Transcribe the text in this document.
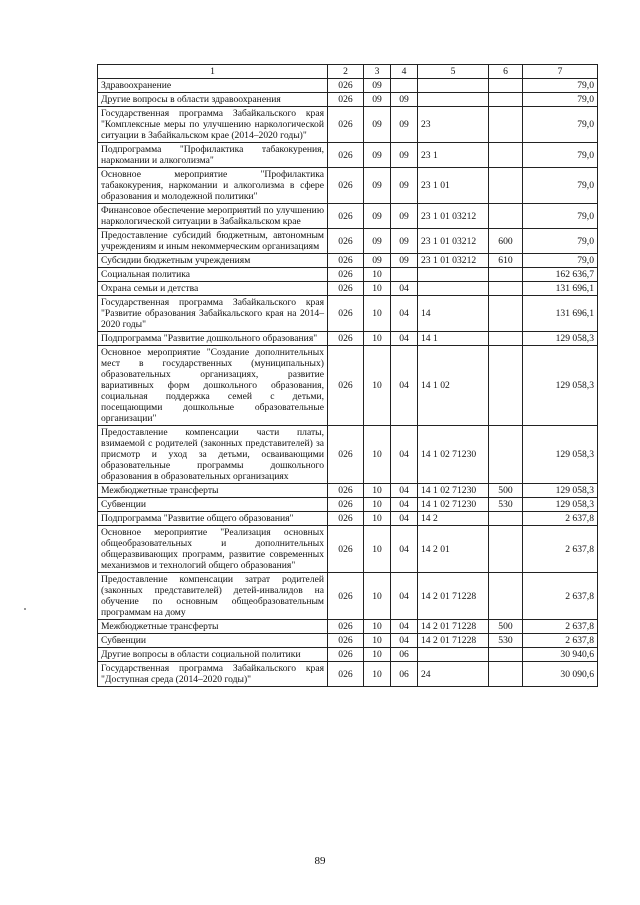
1	2	3	4	5	6	7
Здравоохранение	026	09				79,0
Другие вопросы в области здравоохранения	026	09	09			79,0
Государственная программа Забайкальского края "Комплексные меры по улучшению наркологической ситуации в Забайкальском крае (2014–2020 годы)"	026	09	09	23		79,0
Подпрограмма "Профилактика табакокурения, наркомании и алкоголизма"	026	09	09	23 1		79,0
Основное мероприятие "Профилактика табакокурения, наркомании и алкоголизма в сфере образования и молодежной политики"	026	09	09	23 1 01		79,0
Финансовое обеспечение мероприятий по улучшению наркологической ситуации в Забайкальском крае	026	09	09	23 1 01 03212		79,0
Предоставление субсидий бюджетным, автономным учреждениям и иным некоммерческим организациям	026	09	09	23 1 01 03212	600	79,0
Субсидии бюджетным учреждениям	026	09	09	23 1 01 03212	610	79,0
Социальная политика	026	10				162 636,7
Охрана семьи и детства	026	10	04			131 696,1
Государственная программа Забайкальского края "Развитие образования Забайкальского края на 2014–2020 годы"	026	10	04	14		131 696,1
Подпрограмма "Развитие дошкольного образования"	026	10	04	14 1		129 058,3
Основное мероприятие "Создание дополнительных мест в государственных (муниципальных) образовательных организациях, развитие вариативных форм дошкольного образования, социальная поддержка семей с детьми, посещающими дошкольные образовательные организации"	026	10	04	14 1 02		129 058,3
Предоставление компенсации части платы, взимаемой с родителей (законных представителей) за присмотр и уход за детьми, осваивающими образовательные программы дошкольного образования в образовательных организациях	026	10	04	14 1 02 71230		129 058,3
Межбюджетные трансферты	026	10	04	14 1 02 71230	500	129 058,3
Субвенции	026	10	04	14 1 02 71230	530	129 058,3
Подпрограмма "Развитие общего образования"	026	10	04	14 2		2 637,8
Основное мероприятие "Реализация основных общеобразовательных и дополнительных общеразвивающих программ, развитие современных механизмов и технологий общего образования"	026	10	04	14 2 01		2 637,8
Предоставление компенсации затрат родителей (законных представителей) детей-инвалидов на обучение по основным общеобразовательным программам на дому	026	10	04	14 2 01 71228		2 637,8
Межбюджетные трансферты	026	10	04	14 2 01 71228	500	2 637,8
Субвенции	026	10	04	14 2 01 71228	530	2 637,8
Другие вопросы в области социальной политики	026	10	06			30 940,6
Государственная программа Забайкальского края "Доступная среда (2014–2020 годы)"	026	10	06	24		30 090,6
89
